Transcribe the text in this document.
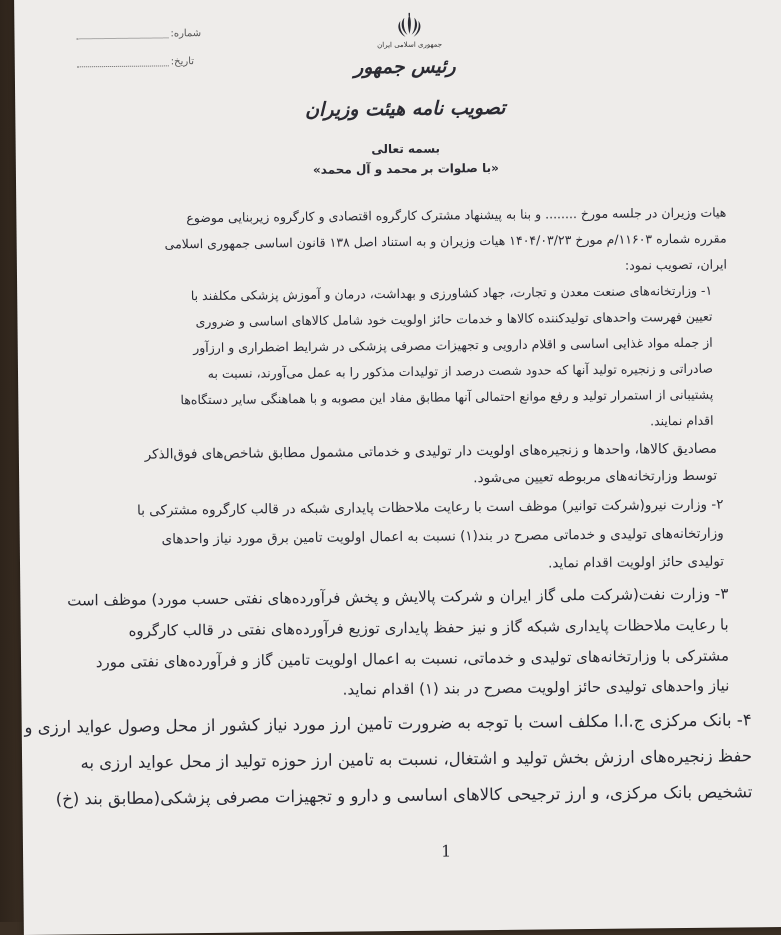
جمهوری اسلامی ایران
شماره:
تاریخ:	رئیس جمهور
تصویب نامه هیئت وزیران
بسمه تعالی
«با صلوات بر محمد و آل محمد»
هیات وزیران در جلسه مورخ ........ و بنا به پیشنهاد مشترک کارگروه اقتصادی و کارگروه زیربنایی موضوع
مقرره شماره ۱۱۶۰۳/م مورخ ۱۴۰۴/۰۳/۲۳ هیات وزیران و به استناد اصل ۱۳۸ قانون اساسی جمهوری اسلامی
ایران، تصویب نمود:
۱- وزارتخانه‌های صنعت معدن و تجارت، جهاد کشاورزی و بهداشت، درمان و آموزش پزشکی مکلفند با
تعیین فهرست واحدهای تولیدکننده کالاها و خدمات حائز اولویت خود شامل کالاهای اساسی و ضروری
از جمله مواد غذایی اساسی و اقلام دارویی و تجهیزات مصرفی پزشکی در شرایط اضطراری و ارزآور
صادراتی و زنجیره تولید آنها که حدود شصت درصد از تولیدات مذکور را به عمل می‌آورند، نسبت به
پشتیبانی از استمرار تولید و رفع موانع احتمالی آنها مطابق مفاد این مصوبه و با هماهنگی سایر دستگاه‌ها
اقدام نمایند.
مصادیق کالاها، واحدها و زنجیره‌های اولویت دار تولیدی و خدماتی مشمول مطابق شاخص‌های فوق‌الذکر
توسط وزارتخانه‌های مربوطه تعیین می‌شود.
۲- وزارت نیرو(شرکت توانیر) موظف است با رعایت ملاحظات پایداری شبکه در قالب کارگروه مشترکی با
وزارتخانه‌های تولیدی و خدماتی مصرح در بند(۱) نسبت به اعمال اولویت تامین برق مورد نیاز واحدهای
تولیدی حائز اولویت اقدام نماید.
۳- وزارت نفت(شرکت ملی گاز ایران و شرکت پالایش و پخش فرآورده‌های نفتی حسب مورد) موظف است
با رعایت ملاحظات پایداری شبکه گاز و نیز حفظ پایداری توزیع فرآورده‌های نفتی در قالب کارگروه
مشترکی با وزارتخانه‌های تولیدی و خدماتی، نسبت به اعمال اولویت تامین گاز و فرآورده‌های نفتی مورد
نیاز واحدهای تولیدی حائز اولویت مصرح در بند (۱) اقدام نماید.
۴- بانک مرکزی ج.ا.ا مکلف است با توجه به ضرورت تامین ارز مورد نیاز کشور از محل وصول عواید ارزی و
حفظ زنجیره‌های ارزش بخش تولید و اشتغال، نسبت به تامین ارز حوزه تولید از محل عواید ارزی به
تشخیص بانک مرکزی، و ارز ترجیحی کالاهای اساسی و دارو و تجهیزات مصرفی پزشکی(مطابق بند (خ)
1
